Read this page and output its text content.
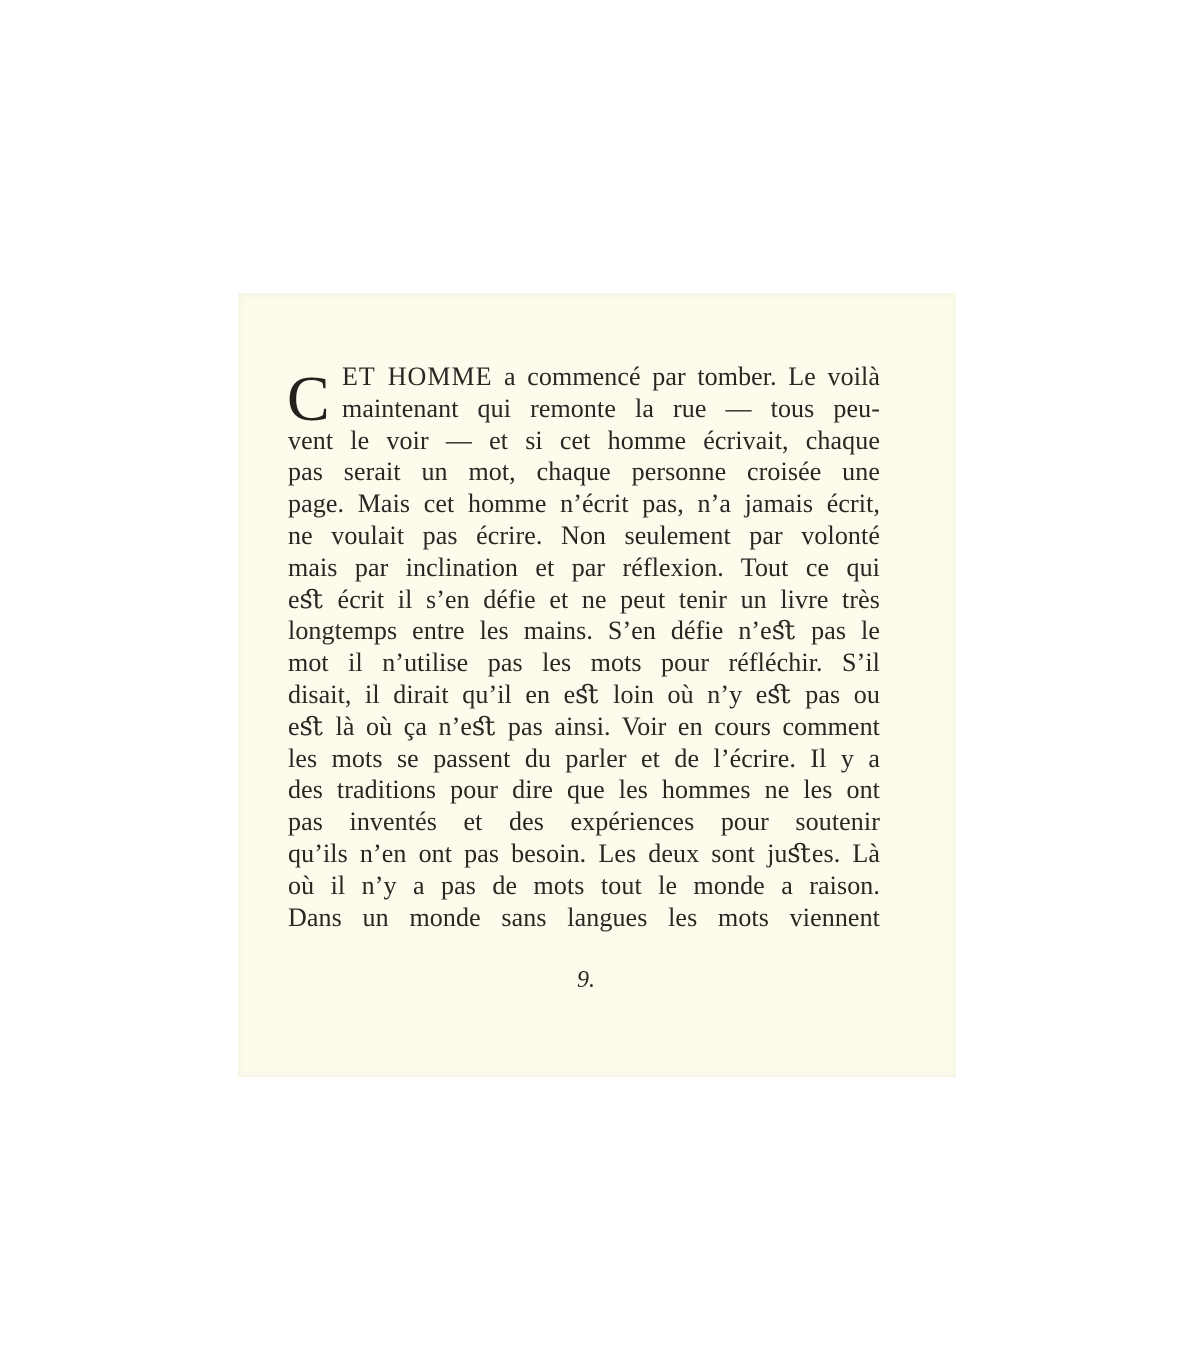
C ET HOMME a commencé par tomber. Le voilà
maintenant qui remonte la rue — tous peu-
vent le voir — et si cet homme écrivait, chaque
pas serait un mot, chaque personne croisée une
page. Mais cet homme n’écrit pas, n’a jamais écrit,
ne voulait pas écrire. Non seulement par volonté
mais par inclination et par réflexion. Tout ce qui
eﬆ écrit il s’en défie et ne peut tenir un livre très
longtemps entre les mains. S’en défie n’eﬆ pas le
mot il n’utilise pas les mots pour réfléchir. S’il
disait, il dirait qu’il en eﬆ loin où n’y eﬆ pas ou
eﬆ là où ça n’eﬆ pas ainsi. Voir en cours comment
les mots se passent du parler et de l’écrire. Il y a
des traditions pour dire que les hommes ne les ont
pas inventés et des expériences pour soutenir
qu’ils n’en ont pas besoin. Les deux sont juﬆes. Là
où il n’y a pas de mots tout le monde a raison.
Dans un monde sans langues les mots viennent
9.
